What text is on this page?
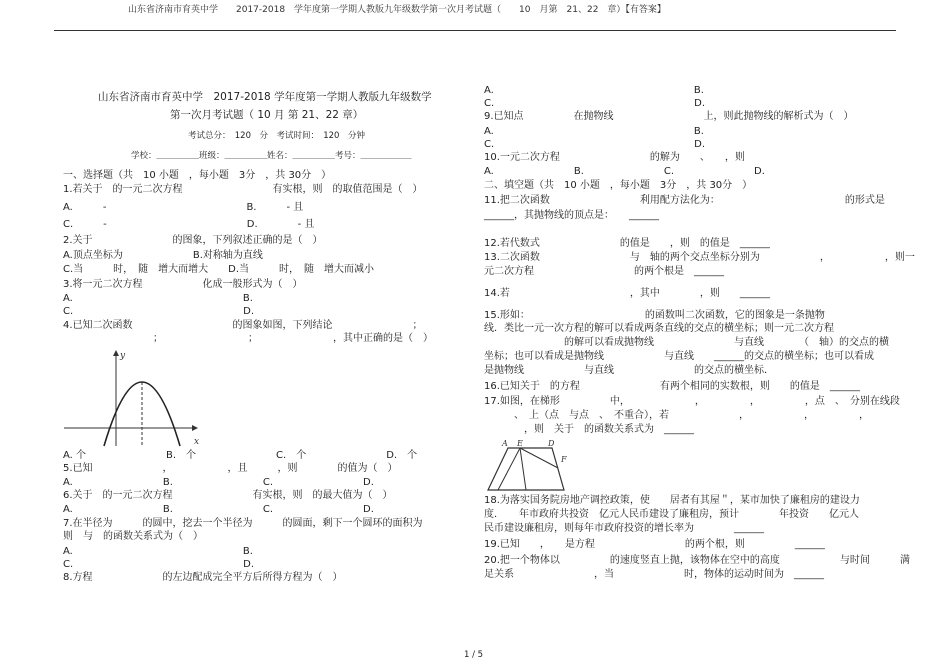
山东省济南市育英中学　　2017-2018　学年度第一学期人教版九年级数学第一次月考试题（　　10　月第　21、22　章）【有答案】
山东省济南市育英中学　2017-2018 学年度第一学期人教版九年级数学
第一次月考试题（ 10 月 第 21、22 章）
考试总分：　120　分　考试时间：　120　分钟
学校：＿＿＿＿＿班级：＿＿＿＿＿姓名：＿＿＿＿＿考号：＿＿＿＿＿＿
一、选择题（共　10 小题　，每小题　3分　，共 30分　）
1.若关于　的一元二次方程　　　　　　　　　有实根，则　的取值范围是（　）
A.　　　‐　　　　　　　　　　　　　　B.　　　‐ 且
C.　　　‐　　　　　　　　　　　　　　D.　　　　‐ 且
2.关于　　　　　　　　的图象，下列叙述正确的是（　）
A.顶点坐标为　　　　　　　B.对称轴为直线
C.当　　　时，　随　增大而增大　　D.当　　　时，　随　增大而减小
3.将一元二次方程　　　　　　化成一般形式为（　）
A.　　　　　　　　　　　　　　　　　B.
C.　　　　　　　　　　　　　　　　　D.
4.已知二次函数　　　　　　　　　　的图象如图，下列结论　　　　　　　　；
　　　　　　　　　；　　　　　　　　　；　　　　　　　　，其中正确的是（　）
y
x
A. 个　　　　　　　　B.　个　　　　　　　　C.　个　　　　　　　　D.　个
5.已知　　　　　　　，　　　　　　，且　　　，则　　　　的值为（　）
A.　　　　　　　　　B.　　　　　　　　　C.　　　　　　　　　D.
6.关于　的一元二次方程　　　　　　　　有实根，则　的最大值为（　）
A.　　　　　　　　　B.　　　　　　　　　C.　　　　　　　　　D.
7.在半径为　　　的圆中，挖去一个半径为　　　的圆面，剩下一个圆环的面积为
则　与　的函数关系式为（　）
A.　　　　　　　　　　　　　　　　　B.
C.　　　　　　　　　　　　　　　　　D.
8.方程　　　　　　　的左边配成完全平方后所得方程为（　）
A.　　　　　　　　　　　　　　　　　　　　B.
C.　　　　　　　　　　　　　　　　　　　　D.
9.已知点　　　　　在抛物线　　　　　　　　　上，则此抛物线的解析式为（　）
A.　　　　　　　　　　　　　　　　　　　　B.
C.　　　　　　　　　　　　　　　　　　　　D.
10.一元二次方程　　　　　　　　　的解为　　、　　，则
A.　　　　　　　　B.　　　　　　　　C.　　　　　　　　D.
二、填空题（共　10 小题　，每小题　3分　，共 30分　）
11.把二次函数　　　　　　　　　利用配方法化为：　　　　　　　　　　　　　的形式是
______，其抛物线的顶点是：　　______
12.若代数式　　　　　　　　的值是　　，则　的值是　______
13.二次函数　　　　　　　　　与　轴的两个交点坐标分别为　　　　　　，　　　　　　，则一
元二次方程　　　　　　　　　　的两个根是　______
14.若　　　　　　　　　　　　，其中　　　　，则　　______
15.形如：　　　　　　　　　　　　的函数叫二次函数，它的图象是一条抛物
线．类比一元一次方程的解可以看成两条直线的交点的横坐标；则一元二次方程
　　　　　　　　的解可以看成抛物线　　　　　　　　与直线　　　　（　轴）的交点的横
坐标；也可以看成是抛物线　　　　　　与直线　　______的交点的横坐标；也可以看成
是抛物线　　　　　　与直线　　　　　　　　的交点的横坐标．
16.已知关于　的方程　　　　　　　　有两个相同的实数根，则　　的值是　______
17.如图，在梯形　　　　　中，　　　　　　　，　　　　　，　　　　　，点　、　分别在线段
　　　、　上（点　与点　、　不重合），若　　　　　　　，　　　　　　，　　　　　，
　　　　，则　关于　的函数关系式为　______
A E	D
F
18.为落实国务院房地产调控政策，使　　居者有其屋＂，某市加快了廉租房的建设力
度．　　年市政府共投资　亿元人民币建设了廉租房，预计　　　　年投资　　亿元人
民币建设廉租房，则每年市政府投资的增长率为　　　　______
19.已知　　，　　是方程　　　　　　　　　的两个根，则　　　　　______
20.把一个物体以　　　　　的速度竖直上抛，该物体在空中的高度　　　　　　与时间　　　满
足关系　　　　　　　　，当　　　　　　　时，物体的运动时间为　______
1 / 5
